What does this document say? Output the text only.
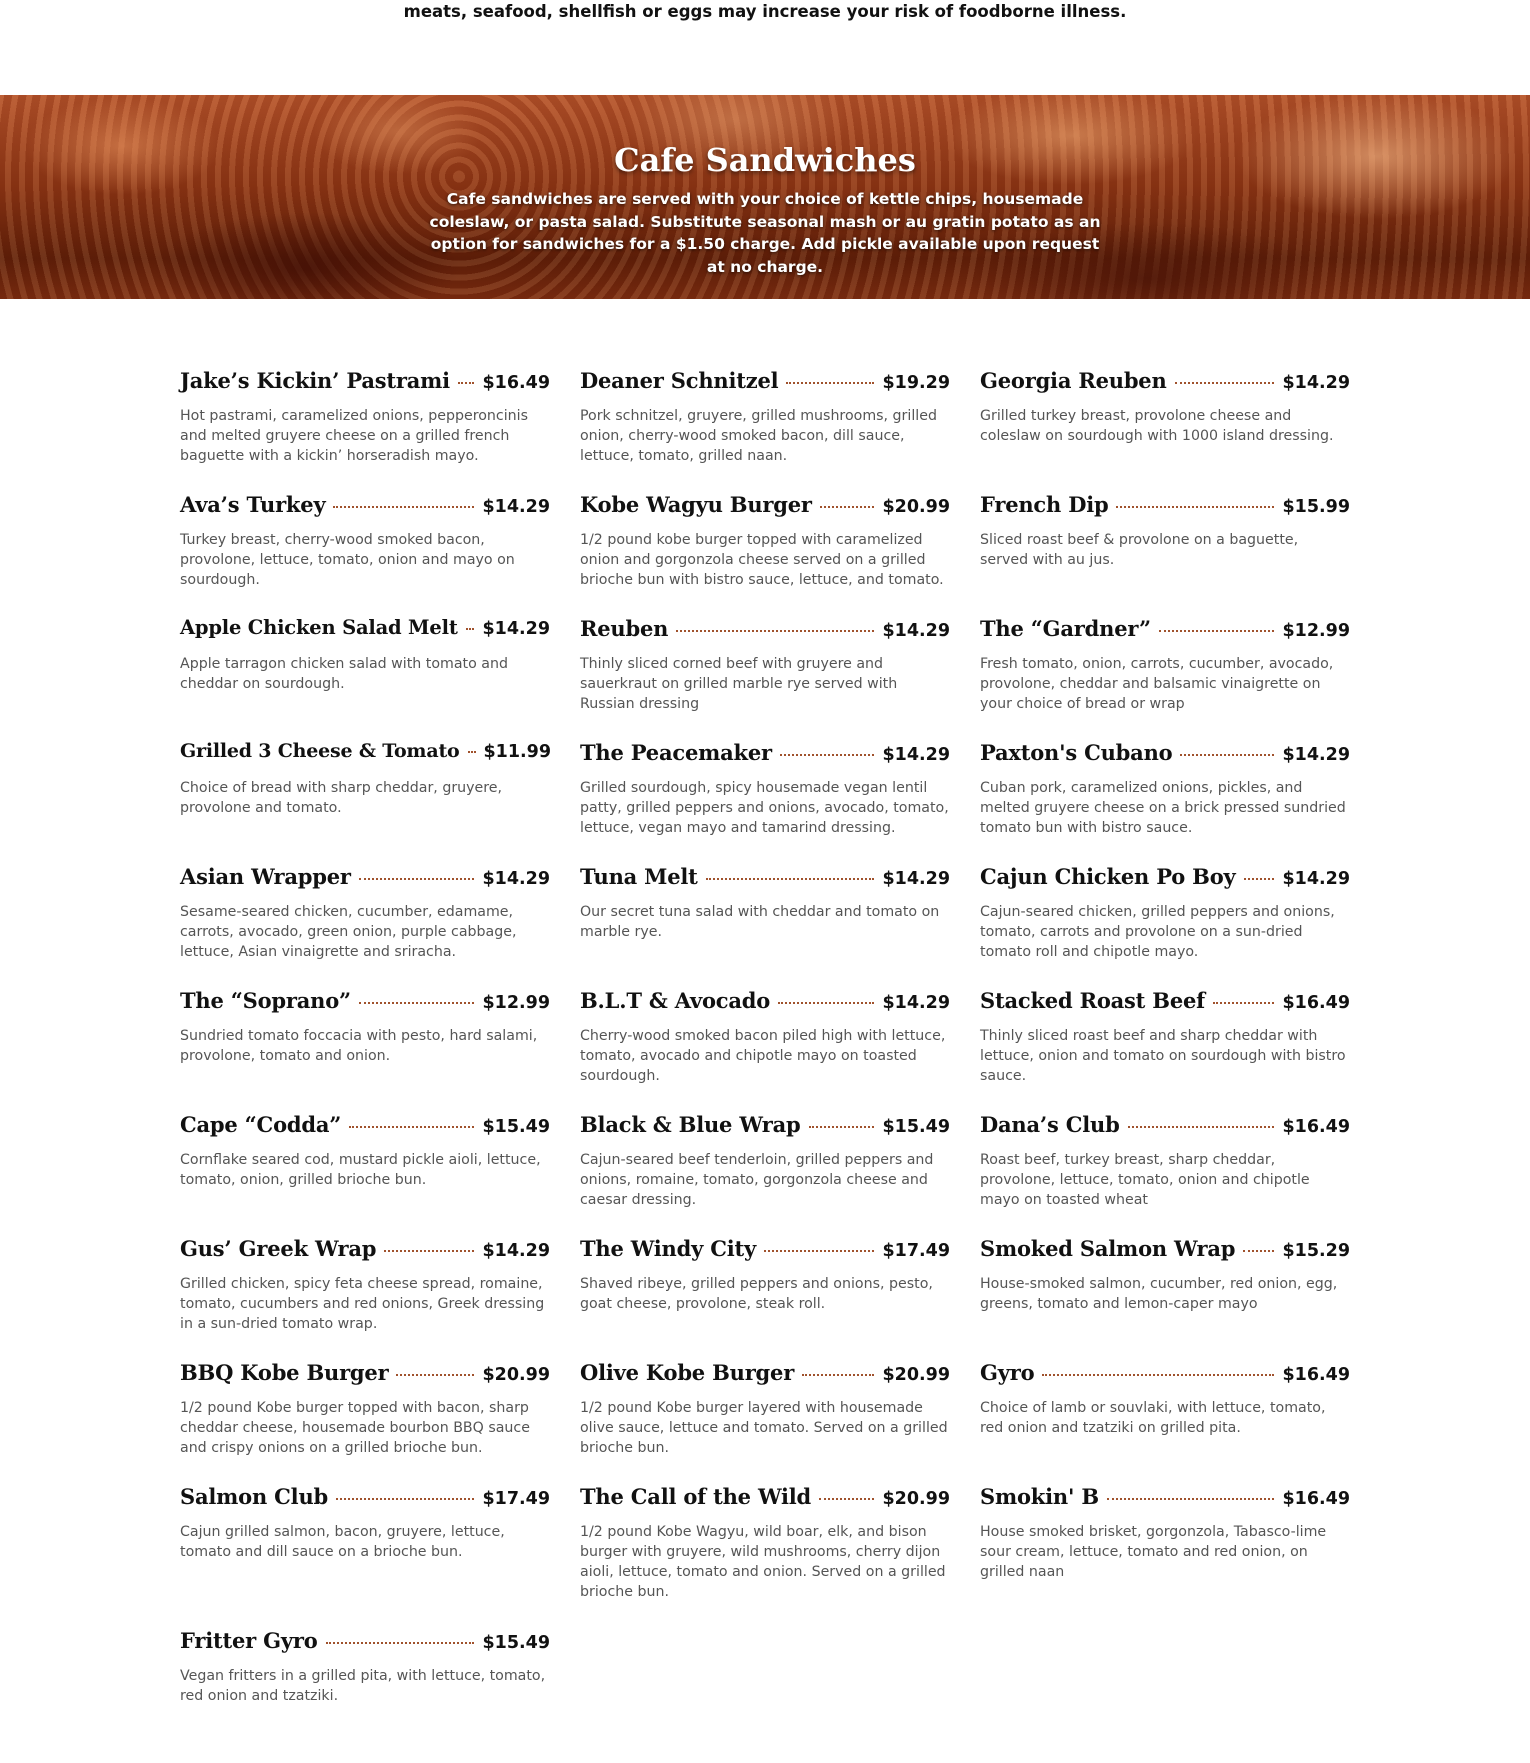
meats, seafood, shellfish or eggs may increase your risk of foodborne illness.
Cafe Sandwiches
Cafe sandwiches are served with your choice of kettle chips, housemade coleslaw, or pasta salad. Substitute seasonal mash or au gratin potato as an option for sandwiches for a $1.50 charge. Add pickle available upon request at no charge.
Jake’s Kickin’ Pastrami $16.49
Hot pastrami, caramelized onions, pepperoncinis and melted gruyere cheese on a grilled french baguette with a kickin’ horseradish mayo.
Deaner Schnitzel	$19.29
Pork schnitzel, gruyere, grilled mushrooms, grilled onion, cherry-wood smoked bacon, dill sauce, lettuce, tomato, grilled naan.
Georgia Reuben	$14.29
Grilled turkey breast, provolone cheese and coleslaw on sourdough with 1000 island dressing.
Ava’s Turkey	$14.29
Turkey breast, cherry-wood smoked bacon, provolone, lettuce, tomato, onion and mayo on sourdough.
Kobe Wagyu Burger	$20.99
1/2 pound kobe burger topped with caramelized onion and gorgonzola cheese served on a grilled brioche bun with bistro sauce, lettuce, and tomato.
French Dip	$15.99
Sliced roast beef & provolone on a baguette, served with au jus.
Apple Chicken Salad Melt $14.29
Apple tarragon chicken salad with tomato and cheddar on sourdough.
Reuben	$14.29
Thinly sliced corned beef with gruyere and sauerkraut on grilled marble rye served with Russian dressing
The “Gardner”	$12.99
Fresh tomato, onion, carrots, cucumber, avocado, provolone, cheddar and balsamic vinaigrette on your choice of bread or wrap
Grilled 3 Cheese & Tomato $11.99
Choice of bread with sharp cheddar, gruyere, provolone and tomato.
The Peacemaker	$14.29
Grilled sourdough, spicy housemade vegan lentil patty, grilled peppers and onions, avocado, tomato, lettuce, vegan mayo and tamarind dressing.
Paxton's Cubano	$14.29
Cuban pork, caramelized onions, pickles, and melted gruyere cheese on a brick pressed sundried tomato bun with bistro sauce.
Asian Wrapper	$14.29
Sesame-seared chicken, cucumber, edamame, carrots, avocado, green onion, purple cabbage, lettuce, Asian vinaigrette and sriracha.
Tuna Melt	$14.29
Our secret tuna salad with cheddar and tomato on marble rye.
Cajun Chicken Po Boy	$14.29
Cajun-seared chicken, grilled peppers and onions, tomato, carrots and provolone on a sun-dried tomato roll and chipotle mayo.
The “Soprano”	$12.99
Sundried tomato foccacia with pesto, hard salami, provolone, tomato and onion.
B.L.T & Avocado	$14.29
Cherry-wood smoked bacon piled high with lettuce, tomato, avocado and chipotle mayo on toasted sourdough.
Stacked Roast Beef	$16.49
Thinly sliced roast beef and sharp cheddar with lettuce, onion and tomato on sourdough with bistro sauce.
Cape “Codda”	$15.49
Cornflake seared cod, mustard pickle aioli, lettuce, tomato, onion, grilled brioche bun.
Black & Blue Wrap	$15.49
Cajun-seared beef tenderloin, grilled peppers and onions, romaine, tomato, gorgonzola cheese and caesar dressing.
Dana’s Club	$16.49
Roast beef, turkey breast, sharp cheddar, provolone, lettuce, tomato, onion and chipotle mayo on toasted wheat
Gus’ Greek Wrap	$14.29
Grilled chicken, spicy feta cheese spread, romaine, tomato, cucumbers and red onions, Greek dressing in a sun-dried tomato wrap.
The Windy City	$17.49
Shaved ribeye, grilled peppers and onions, pesto, goat cheese, provolone, steak roll.
Smoked Salmon Wrap	$15.29
House-smoked salmon, cucumber, red onion, egg, greens, tomato and lemon-caper mayo
BBQ Kobe Burger	$20.99
1/2 pound Kobe burger topped with bacon, sharp cheddar cheese, housemade bourbon BBQ sauce and crispy onions on a grilled brioche bun.
Olive Kobe Burger	$20.99
1/2 pound Kobe burger layered with housemade olive sauce, lettuce and tomato. Served on a grilled brioche bun.
Gyro	$16.49
Choice of lamb or souvlaki, with lettuce, tomato, red onion and tzatziki on grilled pita.
Salmon Club	$17.49
Cajun grilled salmon, bacon, gruyere, lettuce, tomato and dill sauce on a brioche bun.
The Call of the Wild	$20.99
1/2 pound Kobe Wagyu, wild boar, elk, and bison burger with gruyere, wild mushrooms, cherry dijon aioli, lettuce, tomato and onion. Served on a grilled brioche bun.
Smokin' B	$16.49
House smoked brisket, gorgonzola, Tabasco-lime sour cream, lettuce, tomato and red onion, on grilled naan
Fritter Gyro	$15.49
Vegan fritters in a grilled pita, with lettuce, tomato, red onion and tzatziki.
